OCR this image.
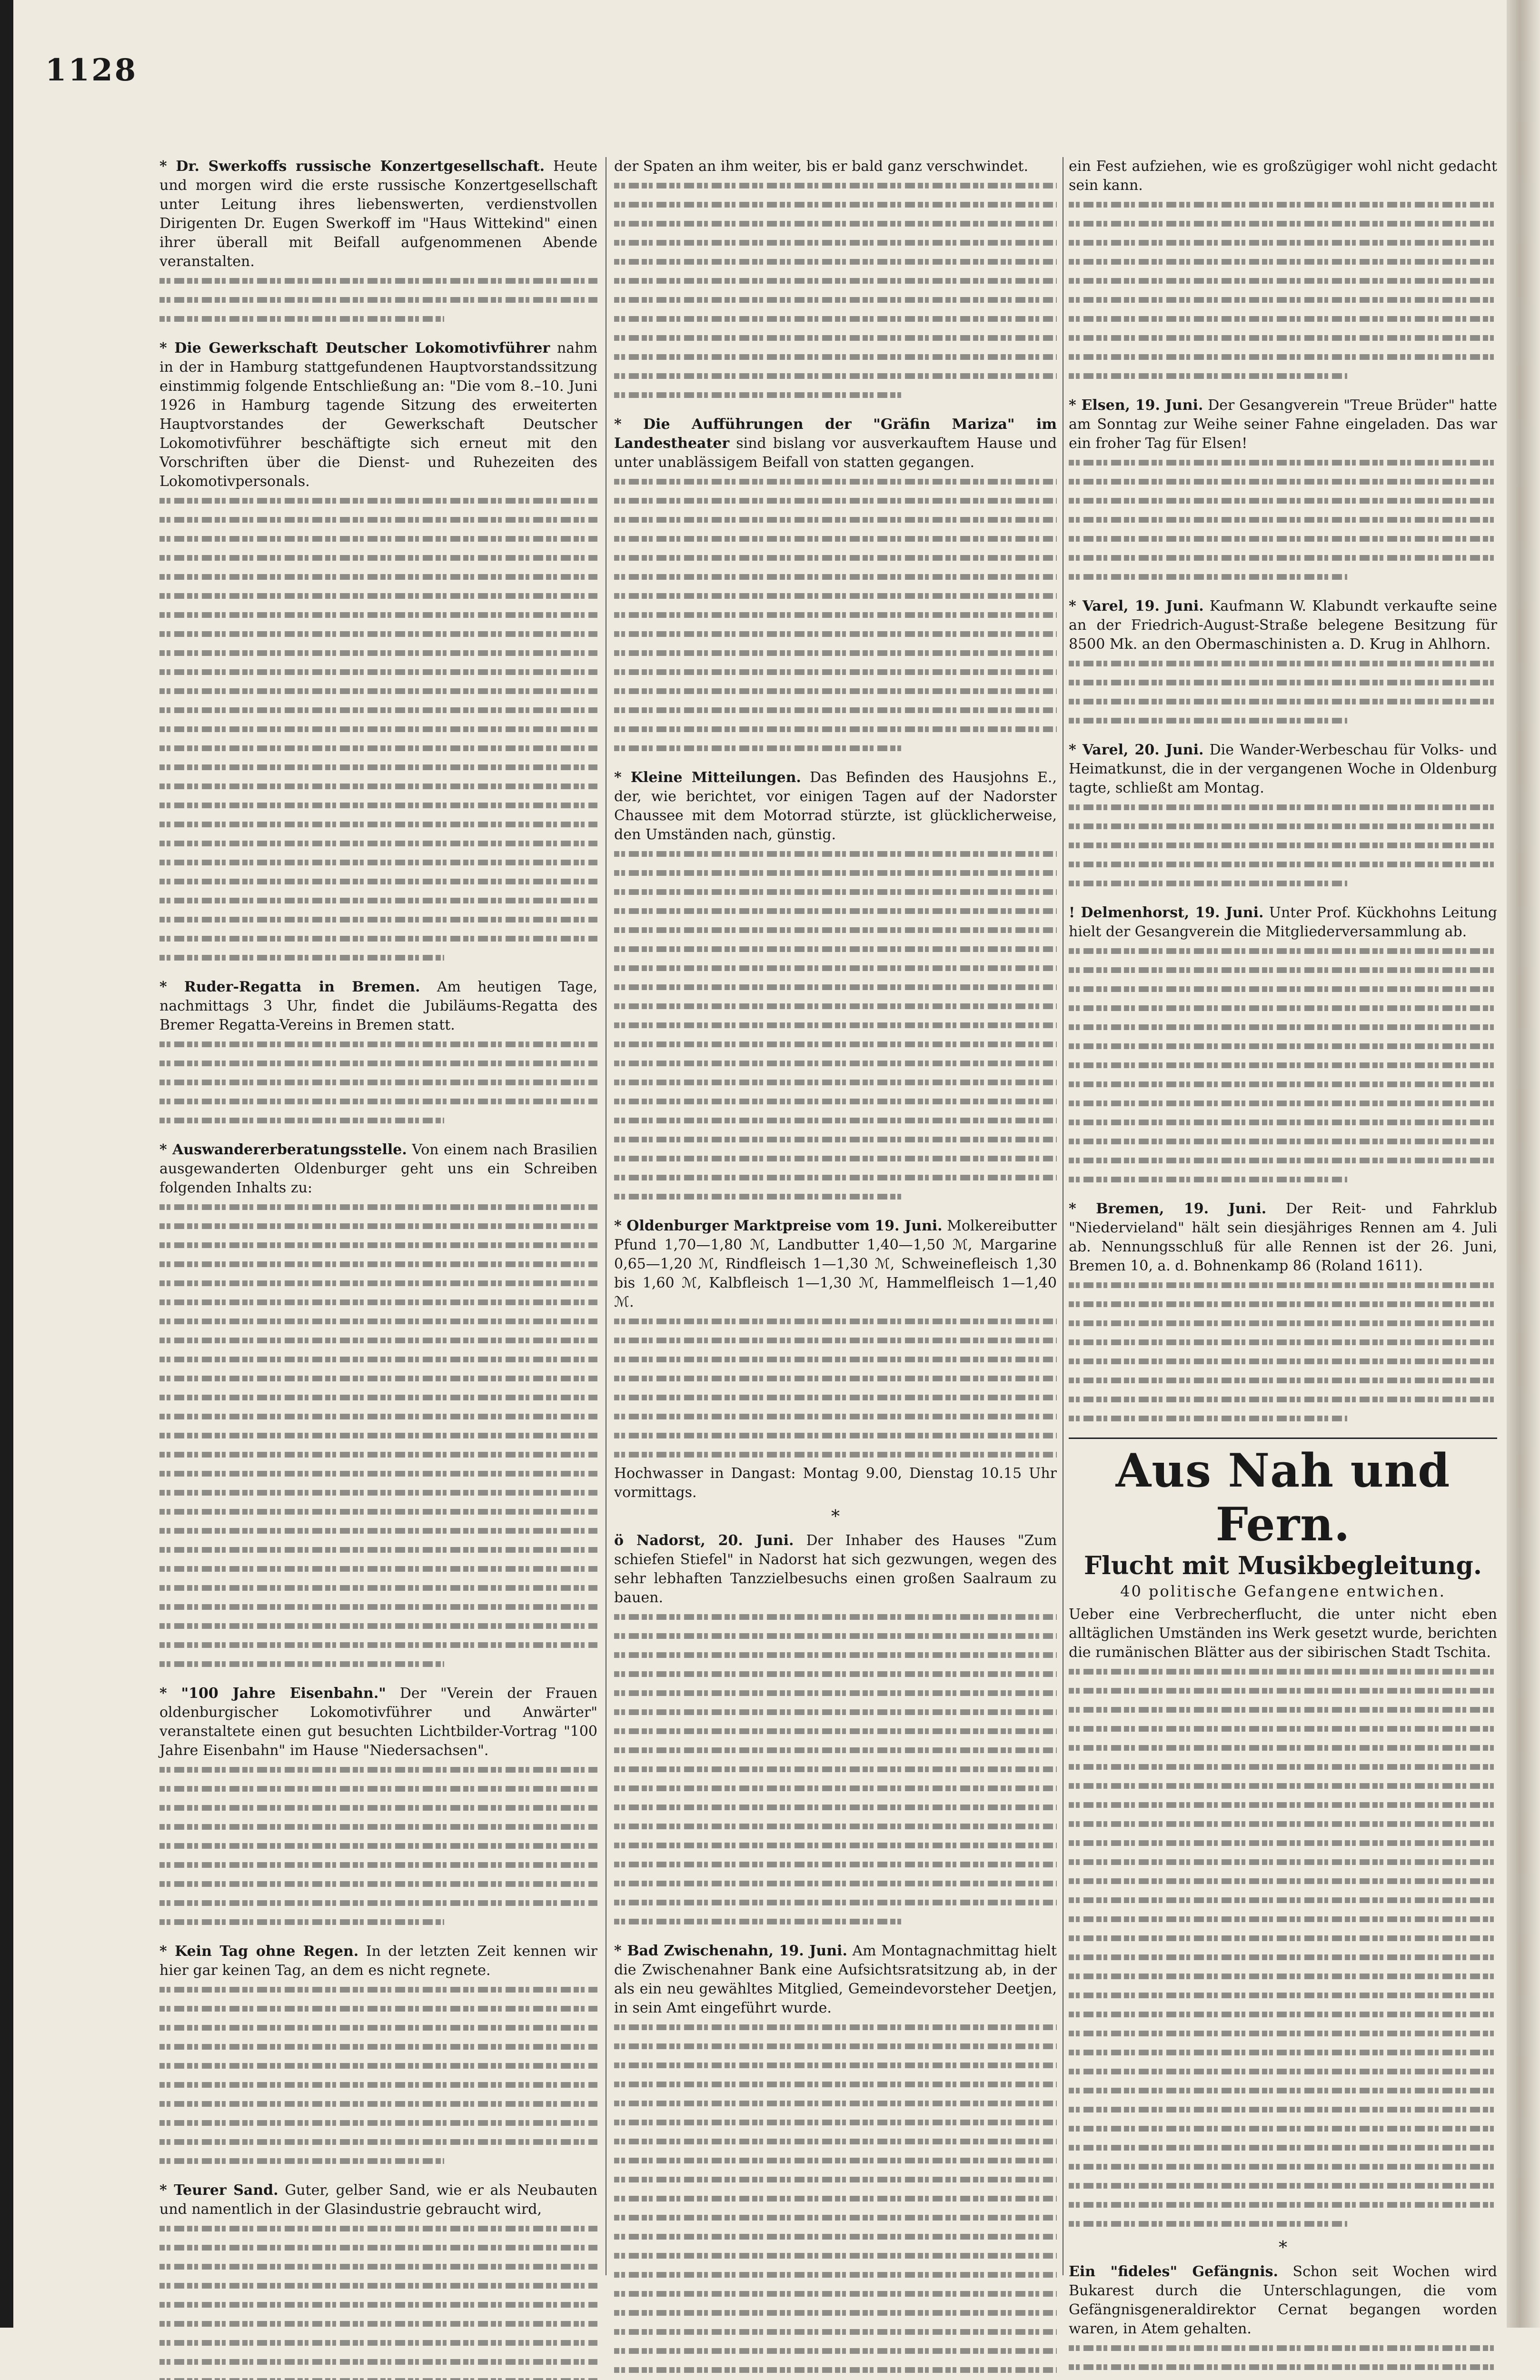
1128

* Dr. Swerkoffs russische Konzertgesellschaft. Heute und morgen wird die erste russische Konzertgesellschaft unter Leitung ihres liebenswerten, verdienstvollen Dirigenten Dr. Eugen Swerkoff im "Haus Wittekind" einen ihrer überall mit Beifall aufgenommenen Abende veranstalten.

* Die Gewerkschaft Deutscher Lokomotivführer nahm in der in Hamburg stattgefundenen Hauptvorstandssitzung einstimmig folgende Entschließung an: "Die vom 8.–10. Juni 1926 in Hamburg tagende Sitzung des erweiterten Hauptvorstandes der Gewerkschaft Deutscher Lokomotivführer beschäftigte sich erneut mit den Vorschriften über die Dienst- und Ruhezeiten des Lokomotivpersonals.

* Ruder-Regatta in Bremen. Am heutigen Tage, nachmittags 3 Uhr, findet die Jubiläums-Regatta des Bremer Regatta-Vereins in Bremen statt.

* Auswandererberatungsstelle. Von einem nach Brasilien ausgewanderten Oldenburger geht uns ein Schreiben folgenden Inhalts zu:

* "100 Jahre Eisenbahn." Der "Verein der Frauen oldenburgischer Lokomotivführer und Anwärter" veranstaltete einen gut besuchten Lichtbilder-Vortrag "100 Jahre Eisenbahn" im Hause "Niedersachsen".

* Kein Tag ohne Regen. In der letzten Zeit kennen wir hier gar keinen Tag, an dem es nicht regnete.

* Teurer Sand. Guter, gelber Sand, wie er als Neubauten und namentlich in der Glasindustrie gebraucht wird,

der Spaten an ihm weiter, bis er bald ganz verschwindet.

* Die Aufführungen der "Gräfin Mariza" im Landestheater sind bislang vor ausverkauftem Hause und unter unablässigem Beifall von statten gegangen.

* Kleine Mitteilungen. Das Befinden des Hausjohns E., der, wie berichtet, vor einigen Tagen auf der Nadorster Chaussee mit dem Motorrad stürzte, ist glücklicherweise, den Umständen nach, günstig.

* Oldenburger Marktpreise vom 19. Juni. Molkereibutter Pfund 1,70—1,80 ℳ, Landbutter 1,40—1,50 ℳ, Margarine 0,65—1,20 ℳ, Rindfleisch 1—1,30 ℳ, Schweinefleisch 1,30 bis 1,60 ℳ, Kalbfleisch 1—1,30 ℳ, Hammelfleisch 1—1,40 ℳ.

Hochwasser in Dangast: Montag 9.00, Dienstag 10.15 Uhr vormittags.

*

ö Nadorst, 20. Juni. Der Inhaber des Hauses "Zum schiefen Stiefel" in Nadorst hat sich gezwungen, wegen des sehr lebhaften Tanzzielbesuchs einen großen Saalraum zu bauen.

* Bad Zwischenahn, 19. Juni. Am Montagnachmittag hielt die Zwischenahner Bank eine Aufsichtsratsitzung ab, in der als ein neu gewähltes Mitglied, Gemeindevorsteher Deetjen, in sein Amt eingeführt wurde.

ein Fest aufziehen, wie es großzügiger wohl nicht gedacht sein kann.

* Elsen, 19. Juni. Der Gesangverein "Treue Brüder" hatte am Sonntag zur Weihe seiner Fahne eingeladen. Das war ein froher Tag für Elsen!

* Varel, 19. Juni. Kaufmann W. Klabundt verkaufte seine an der Friedrich-August-Straße belegene Besitzung für 8500 Mk. an den Obermaschinisten a. D. Krug in Ahlhorn.

* Varel, 20. Juni. Die Wander-Werbeschau für Volks- und Heimatkunst, die in der vergangenen Woche in Oldenburg tagte, schließt am Montag.

! Delmenhorst, 19. Juni. Unter Prof. Kückhohns Leitung hielt der Gesangverein die Mitgliederversammlung ab.

* Bremen, 19. Juni. Der Reit- und Fahrklub "Niedervieland" hält sein diesjähriges Rennen am 4. Juli ab. Nennungsschluß für alle Rennen ist der 26. Juni, Bremen 10, a. d. Bohnenkamp 86 (Roland 1611).

Aus Nah und Fern.
Flucht mit Musikbegleitung.
40 politische Gefangene entwichen.

Ueber eine Verbrecherflucht, die unter nicht eben alltäglichen Umständen ins Werk gesetzt wurde, berichten die rumänischen Blätter aus der sibirischen Stadt Tschita.

*

Ein "fideles" Gefängnis. Schon seit Wochen wird Bukarest durch die Unterschlagungen, die vom Gefängnisgeneraldirektor Cernat begangen worden waren, in Atem gehalten.
